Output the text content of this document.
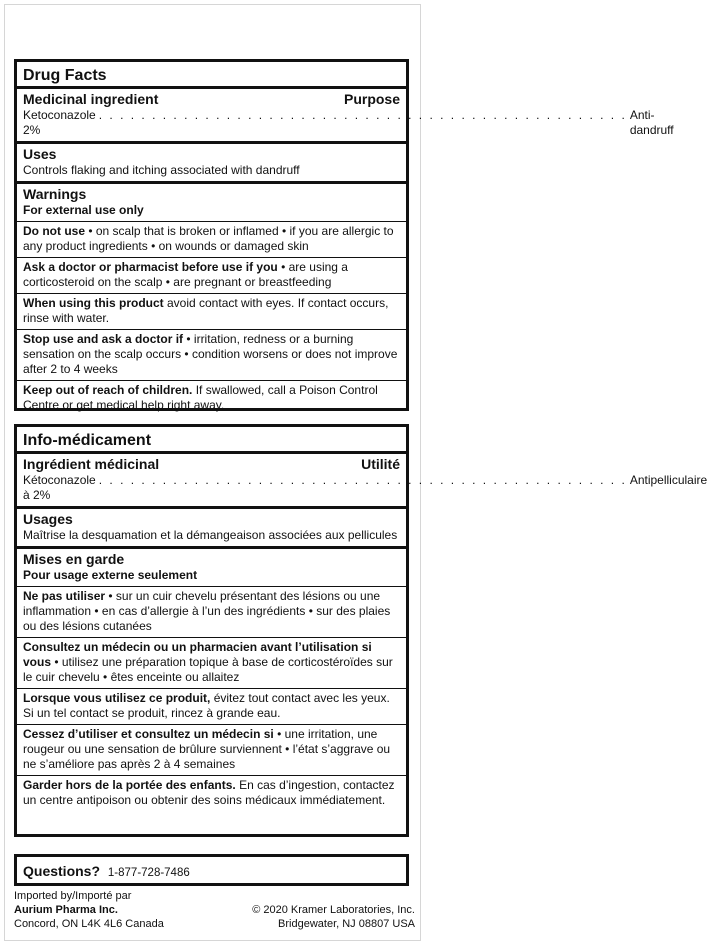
Drug Facts
Medicinal ingredient	Purpose
Ketoconazole 2%
. . . . . . . . . . . . . . . . . . . . . . . . . . . . . . . . . . . . . . . . . . . . . . . . . . Anti-dandruff
Uses
Controls flaking and itching associated with dandruff
Warnings
For external use only
Do not use • on scalp that is broken or inflamed • if you are allergic to any product ingredients • on wounds or damaged skin
Ask a doctor or pharmacist before use if you • are using a corticosteroid on the scalp • are pregnant or breastfeeding
When using this product avoid contact with eyes. If contact occurs, rinse with water.
Stop use and ask a doctor if • irritation, redness or a burning sensation on the scalp occurs • condition worsens or does not improve after 2 to 4 weeks
Keep out of reach of children. If swallowed, call a Poison Control Centre or get medical help right away.
Info-médicament
Ingrédient médicinal	Utilité
Kétoconazole à 2%
. . . . . . . . . . . . . . . . . . . . . . . . . . . . . . . . . . . . . . . . . . . . . . . . . . Antipelliculaire
Usages
Maîtrise la desquamation et la démangeaison associées aux pellicules
Mises en garde
Pour usage externe seulement
Ne pas utiliser • sur un cuir chevelu présentant des lésions ou une inflammation • en cas d’allergie à l’un des ingrédients • sur des plaies ou des lésions cutanées
Consultez un médecin ou un pharmacien avant l’utilisation si vous • utilisez une préparation topique à base de corticostéroïdes sur le cuir chevelu • êtes enceinte ou allaitez
Lorsque vous utilisez ce produit, évitez tout contact avec les yeux. Si un tel contact se produit, rincez à grande eau.
Cessez d’utiliser et consultez un médecin si • une irritation, une rougeur ou une sensation de brûlure surviennent • l’état s’aggrave ou ne s’améliore pas après 2 à 4 semaines
Garder hors de la portée des enfants. En cas d’ingestion, contactez un centre antipoison ou obtenir des soins médicaux immédiatement.
Questions? 1-877-728-7486
Imported by/Importé par
Aurium Pharma Inc.
Concord, ON L4K 4L6 Canada
© 2020 Kramer Laboratories, Inc.
Bridgewater, NJ 08807 USA
